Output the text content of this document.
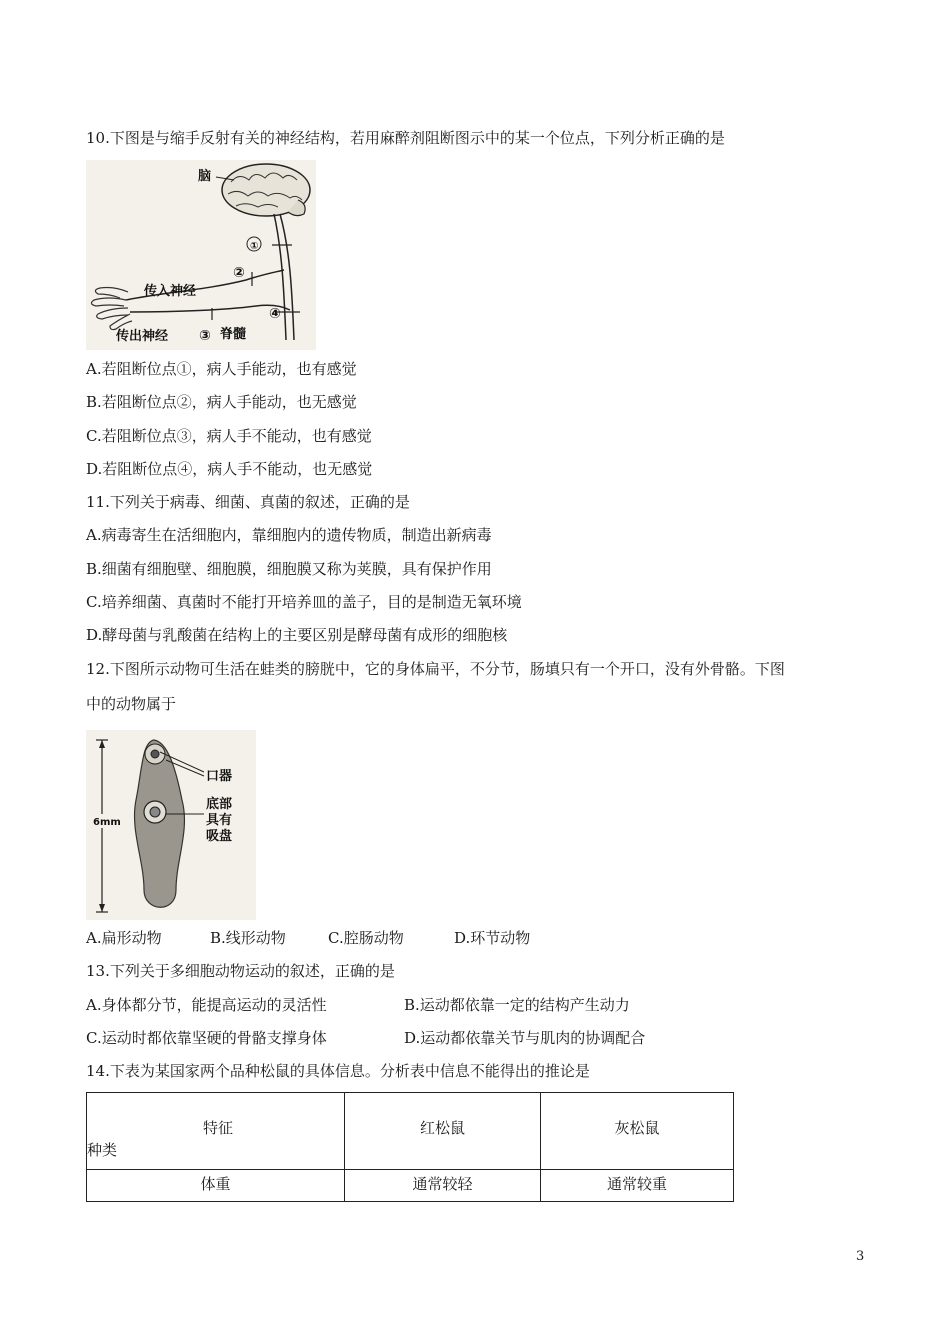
10.下图是与缩手反射有关的神经结构，若用麻醉剂阻断图示中的某一个位点，下列分析正确的是
脑
①
②
传入神经
④
传出神经 ③ 脊髓
A.若阻断位点①，病人手能动，也有感觉
B.若阻断位点②，病人手能动，也无感觉
C.若阻断位点③，病人手不能动，也有感觉
D.若阻断位点④，病人手不能动，也无感觉
11.下列关于病毒、细菌、真菌的叙述，正确的是
A.病毒寄生在活细胞内，靠细胞内的遗传物质，制造出新病毒
B.细菌有细胞壁、细胞膜，细胞膜又称为荚膜，具有保护作用
C.培养细菌、真菌时不能打开培养皿的盖子，目的是制造无氧环境
D.酵母菌与乳酸菌在结构上的主要区别是酵母菌有成形的细胞核
12.下图所示动物可生活在蛙类的膀胱中，它的身体扁平，不分节，肠填只有一个开口，没有外骨骼。下图
中的动物属于
6mm
口器
底部
具有
吸盘
A.扁形动物	B.线形动物	C.腔肠动物	D.环节动物
13.下列关于多细胞动物运动的叙述，正确的是
A.身体都分节，能提高运动的灵活性	B.运动都依靠一定的结构产生动力
C.运动时都依靠坚硬的骨骼支撑身体	D.运动都依靠关节与肌肉的协调配合
14.下表为某国家两个品种松鼠的具体信息。分析表中信息不能得出的推论是
特征
种类	红松鼠	灰松鼠
体重	通常较轻	通常较重
3
